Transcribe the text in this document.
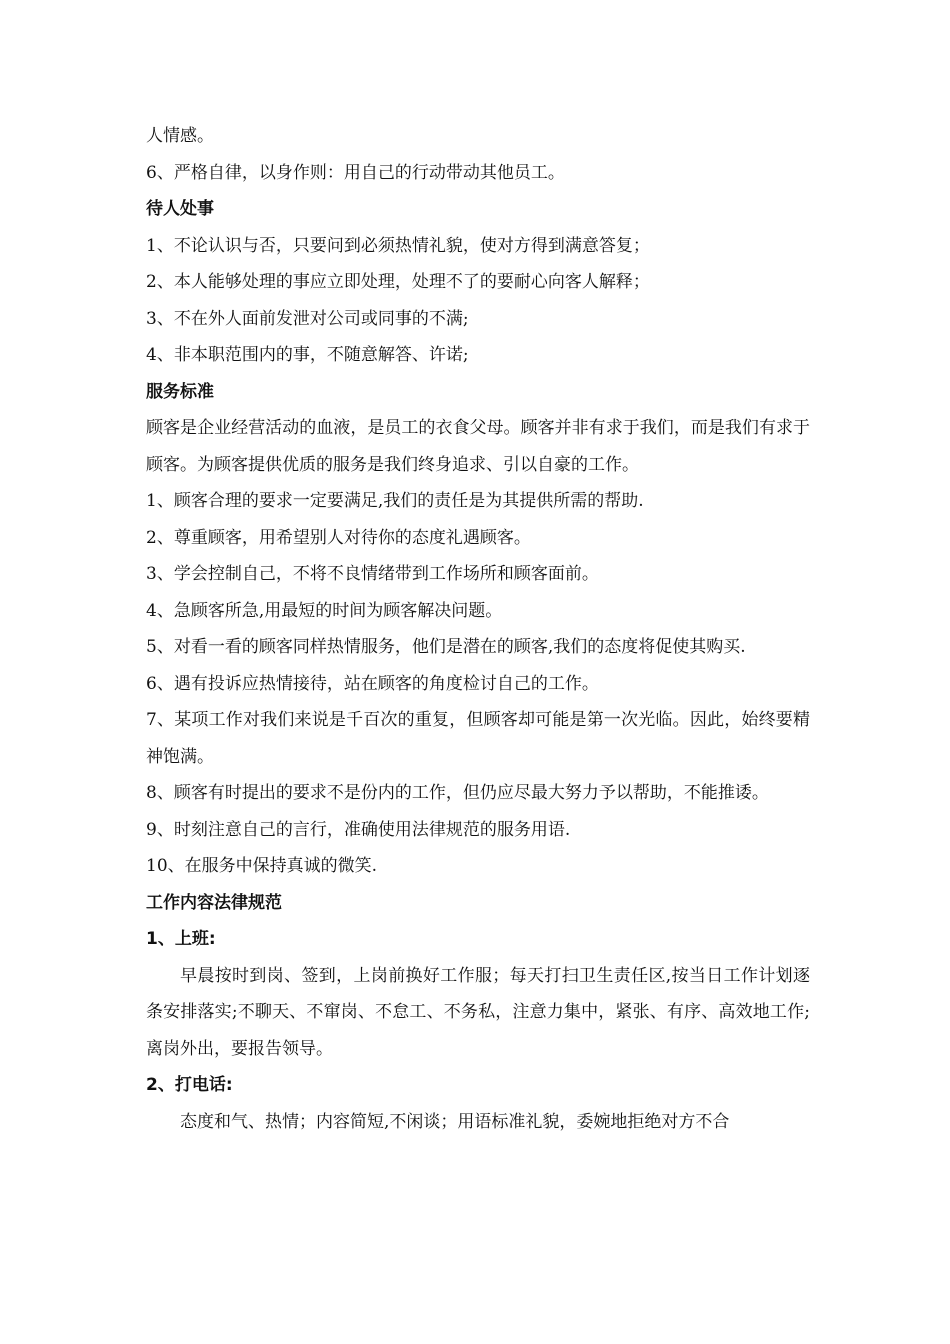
人情感。
6、严格自律，以身作则：用自己的行动带动其他员工。
待人处事
1、不论认识与否，只要问到必须热情礼貌，使对方得到满意答复；
2、本人能够处理的事应立即处理，处理不了的要耐心向客人解释；
3、不在外人面前发泄对公司或同事的不满;
4、非本职范围内的事，不随意解答、许诺;
服务标准
顾客是企业经营活动的血液，是员工的衣食父母。顾客并非有求于我们，而是我们有求于顾客。为顾客提供优质的服务是我们终身追求、引以自豪的工作。
1、顾客合理的要求一定要满足,我们的责任是为其提供所需的帮助.
2、尊重顾客，用希望别人对待你的态度礼遇顾客。
3、学会控制自己，不将不良情绪带到工作场所和顾客面前。
4、急顾客所急,用最短的时间为顾客解决问题。
5、对看一看的顾客同样热情服务，他们是潜在的顾客,我们的态度将促使其购买.
6、遇有投诉应热情接待，站在顾客的角度检讨自己的工作。
7、某项工作对我们来说是千百次的重复，但顾客却可能是第一次光临。因此，始终要精神饱满。
8、顾客有时提出的要求不是份内的工作，但仍应尽最大努力予以帮助，不能推诿。
9、时刻注意自己的言行，准确使用法律规范的服务用语.
10、在服务中保持真诚的微笑.
工作内容法律规范
1、上班:
早晨按时到岗、签到，上岗前换好工作服；每天打扫卫生责任区,按当日工作计划逐条安排落实;不聊天、不窜岗、不怠工、不务私，注意力集中，紧张、有序、高效地工作;离岗外出，要报告领导。
2、打电话:
态度和气、热情；内容简短,不闲谈；用语标准礼貌，委婉地拒绝对方不合
